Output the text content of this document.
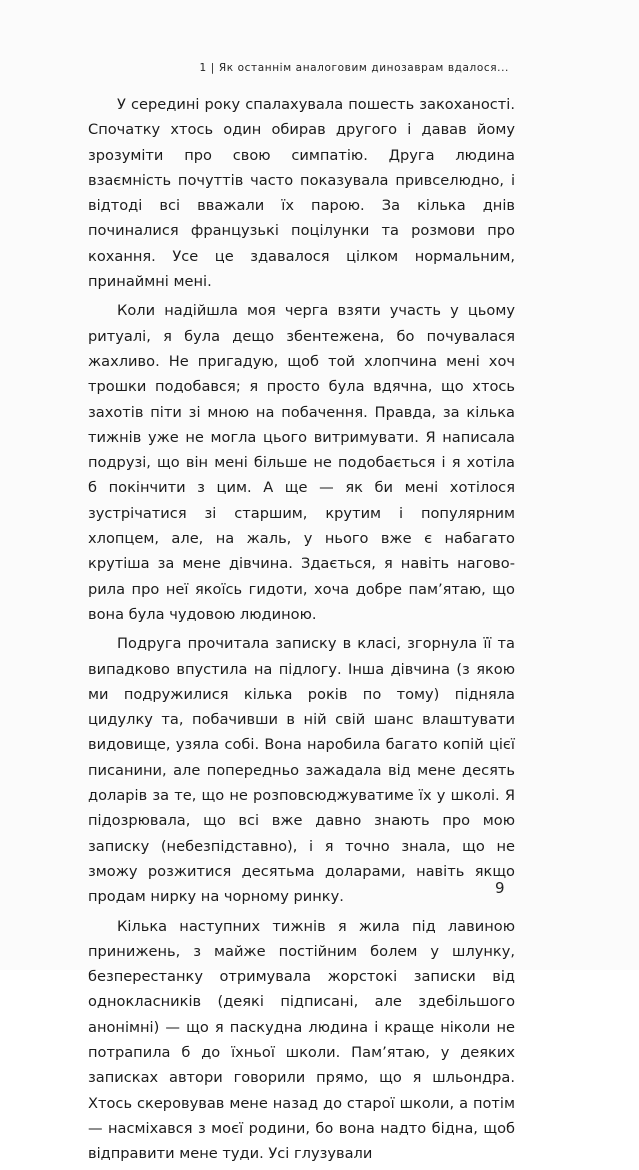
1 | Як останнім аналоговим динозаврам вдалося...

У середині року спалахувала пошесть закоханості. Спочатку хтось один обирав другого і давав йому зрозуміти про свою симпатію. Друга людина взаємність почуттів часто показувала привселюдно, і відтоді всі вважали їх парою. За кілька днів починалися французькі поцілунки та розмови про кохання. Усе це здавалося цілком нормальним, принаймні мені.

Коли надійшла моя черга взяти участь у цьому ритуалі, я була дещо збентежена, бо почувалася жахливо. Не пригадую, щоб той хлопчина мені хоч трошки подобався; я просто була вдячна, що хтось захотів піти зі мною на побачення. Правда, за кілька тижнів уже не могла цього витримувати. Я написала подрузі, що він мені більше не подобається і я хотіла б покінчити з цим. А ще — як би мені хотілося зустрічатися зі старшим, крутим і популярним хлопцем, але, на жаль, у нього вже є набагато крутіша за мене дівчина. Здається, я навіть наговорила про неї якоїсь гидоти, хоча добре пам’ятаю, що вона була чудовою людиною.

Подруга прочитала записку в класі, згорнула її та випадково впустила на підлогу. Інша дівчина (з якою ми подружилися кілька років по тому) підняла цидулку та, побачивши в ній свій шанс влаштувати видовище, узяла собі. Вона наробила багато копій цієї писанини, але попередньо зажадала від мене десять доларів за те, що не розповсюджуватиме їх у школі. Я підозрювала, що всі вже давно знають про мою записку (небезпідставно), і я точно знала, що не зможу розжитися десятьма доларами, навіть якщо продам нирку на чорному ринку.

Кілька наступних тижнів я жила під лавиною принижень, з майже постійним болем у шлунку, безперестанку отримувала жорстокі записки від однокласників (деякі підписані, але здебільшого анонімні) — що я паскудна людина і краще ніколи не потрапила б до їхньої школи. Пам’ятаю, у деяких записках автори говорили прямо, що я шльондра. Хтось скеровував мене назад до старої школи, а потім — насміхався з моєї родини, бо вона надто бідна, щоб відправити мене туди. Усі глузували

9
